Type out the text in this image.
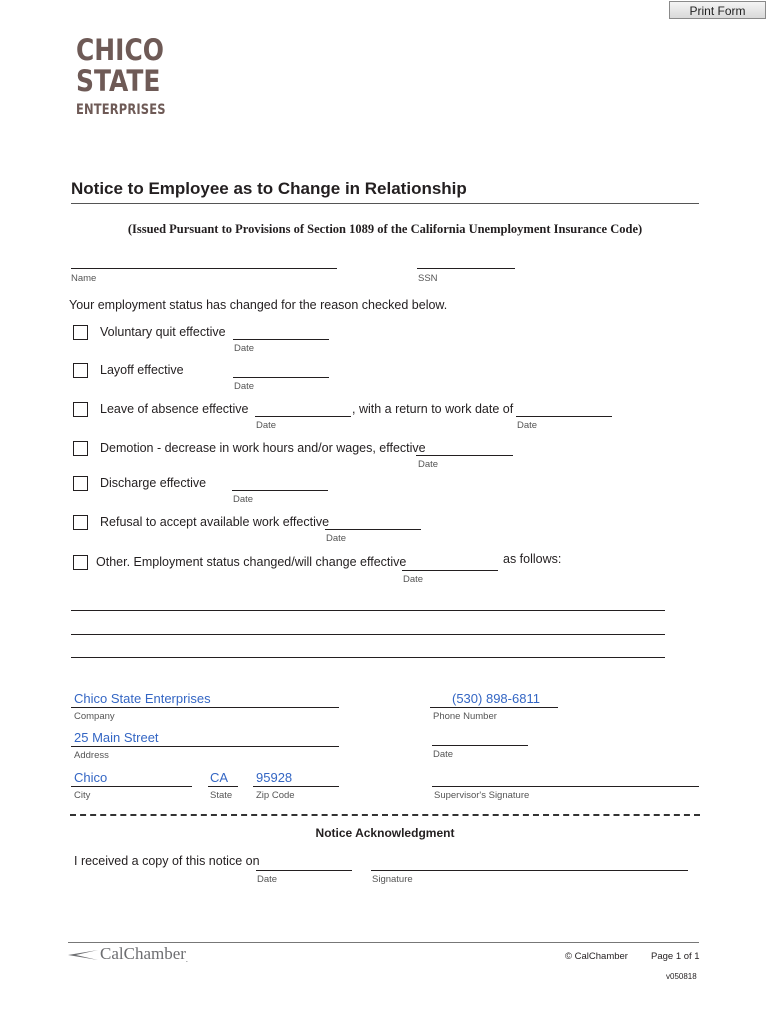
Print Form
CHICO
STATE
ENTERPRISES
Notice to Employee as to Change in Relationship
(Issued Pursuant to Provisions of Section 1089 of the California Unemployment Insurance Code)
Name	SSN
Your employment status has changed for the reason checked below.
Voluntary quit effective
Date
Layoff effective
Date
Leave of absence effective
Date
, with a return to work date of
Date
Demotion - decrease in work hours and/or wages, effective
Date
Discharge effective
Date
Refusal to accept available work effective
Date
Other. Employment status changed/will change effective
Date
as follows:
Chico State Enterprises
Company
(530) 898-6811
Phone Number
25 Main Street
Address	Date
Chico
City
CA
State
95928
Zip Code	Supervisor's Signature
Notice Acknowledgment
I received a copy of this notice on
Date	Signature
CalChamber.	© CalChamber Page 1 of 1
v050818
